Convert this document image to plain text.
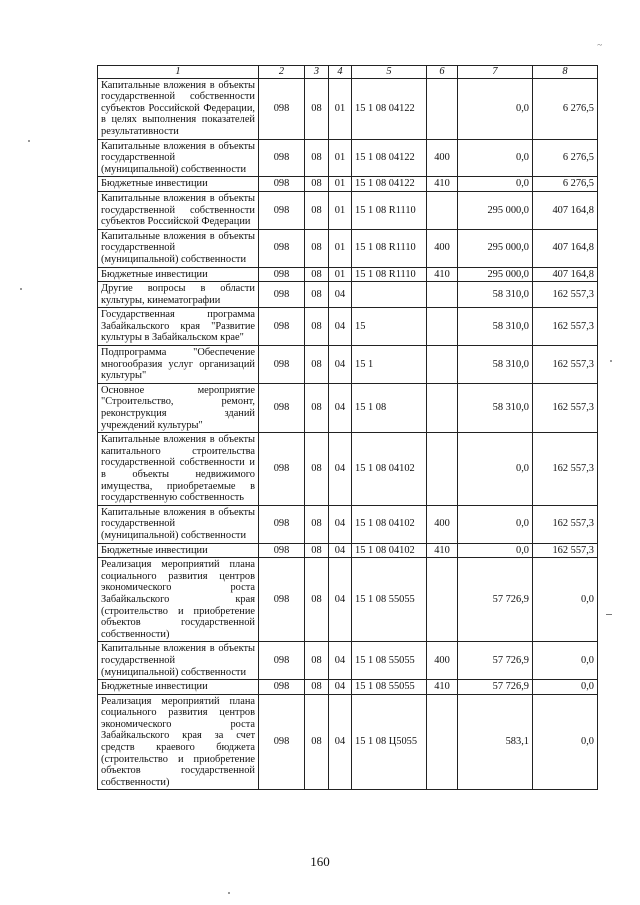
~
1	2	3	4	5	6	7	8
Капитальные вложения в объекты государственной собственности субъектов Российской Федерации, в целях выполнения показателей результативности	098	08	01	15 1 08 04122		0,0	6 276,5
Капитальные вложения в объекты государственной (муниципальной) собственности	098	08	01	15 1 08 04122	400	0,0	6 276,5
Бюджетные инвестиции	098	08	01	15 1 08 04122	410	0,0	6 276,5
Капитальные вложения в объекты государственной собственности субъектов Российской Федерации	098	08	01	15 1 08 R1110		295 000,0	407 164,8
Капитальные вложения в объекты государственной (муниципальной) собственности	098	08	01	15 1 08 R1110	400	295 000,0	407 164,8
Бюджетные инвестиции	098	08	01	15 1 08 R1110	410	295 000,0	407 164,8
Другие вопросы в области культуры, кинематографии	098	08	04			58 310,0	162 557,3
Государственная программа Забайкальского края "Развитие культуры в Забайкальском крае"	098	08	04	15		58 310,0	162 557,3
Подпрограмма "Обеспечение многообразия услуг организаций культуры"	098	08	04	15 1		58 310,0	162 557,3
Основное мероприятие "Строительство, ремонт, реконструкция зданий учреждений культуры"	098	08	04	15 1 08		58 310,0	162 557,3
Капитальные вложения в объекты капитального строительства государственной собственности и в объекты недвижимого имущества, приобретаемые в государственную собственность	098	08	04	15 1 08 04102		0,0	162 557,3
Капитальные вложения в объекты государственной (муниципальной) собственности	098	08	04	15 1 08 04102	400	0,0	162 557,3
Бюджетные инвестиции	098	08	04	15 1 08 04102	410	0,0	162 557,3
Реализация мероприятий плана социального развития центров экономического роста Забайкальского края (строительство и приобретение объектов государственной собственности)	098	08	04	15 1 08 55055		57 726,9	0,0
Капитальные вложения в объекты государственной (муниципальной) собственности	098	08	04	15 1 08 55055	400	57 726,9	0,0
Бюджетные инвестиции	098	08	04	15 1 08 55055	410	57 726,9	0,0
Реализация мероприятий плана социального развития центров экономического роста Забайкальского края за счет средств краевого бюджета (строительство и приобретение объектов государственной собственности)	098	08	04	15 1 08 Ц5055		583,1	0,0
160
